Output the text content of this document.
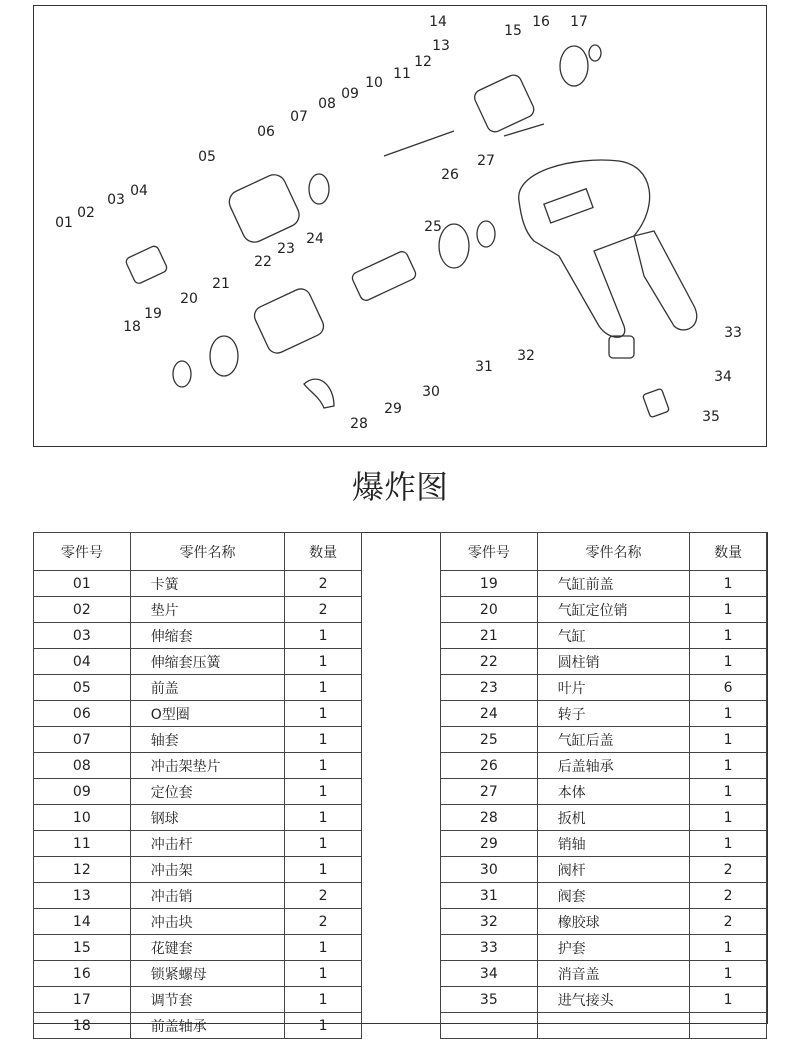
01
02
03
04
05
06
07
08
09
10
11
12
13
14
15
16 17
18
19
20
21
22
23
24
25
26
27
28
29
30
31
32
33
34
35
爆炸图
零件号	零件名称	数量
01	卡簧	2
02	垫片	2
03	伸缩套	1
04	伸缩套压簧	1
05	前盖	1
06	O型圈	1
07	轴套	1
08	冲击架垫片	1
09	定位套	1
10	钢球	1
11	冲击杆	1
12	冲击架	1
13	冲击销	2
14	冲击块	2
15	花键套	1
16	锁紧螺母	1
17	调节套	1
18	前盖轴承	1
零件号	零件名称	数量
19	气缸前盖	1
20	气缸定位销	1
21	气缸	1
22	圆柱销	1
23	叶片	6
24	转子	1
25	气缸后盖	1
26	后盖轴承	1
27	本体	1
28	扳机	1
29	销轴	1
30	阀杆	2
31	阀套	2
32	橡胶球	2
33	护套	1
34	消音盖	1
35	进气接头	1
